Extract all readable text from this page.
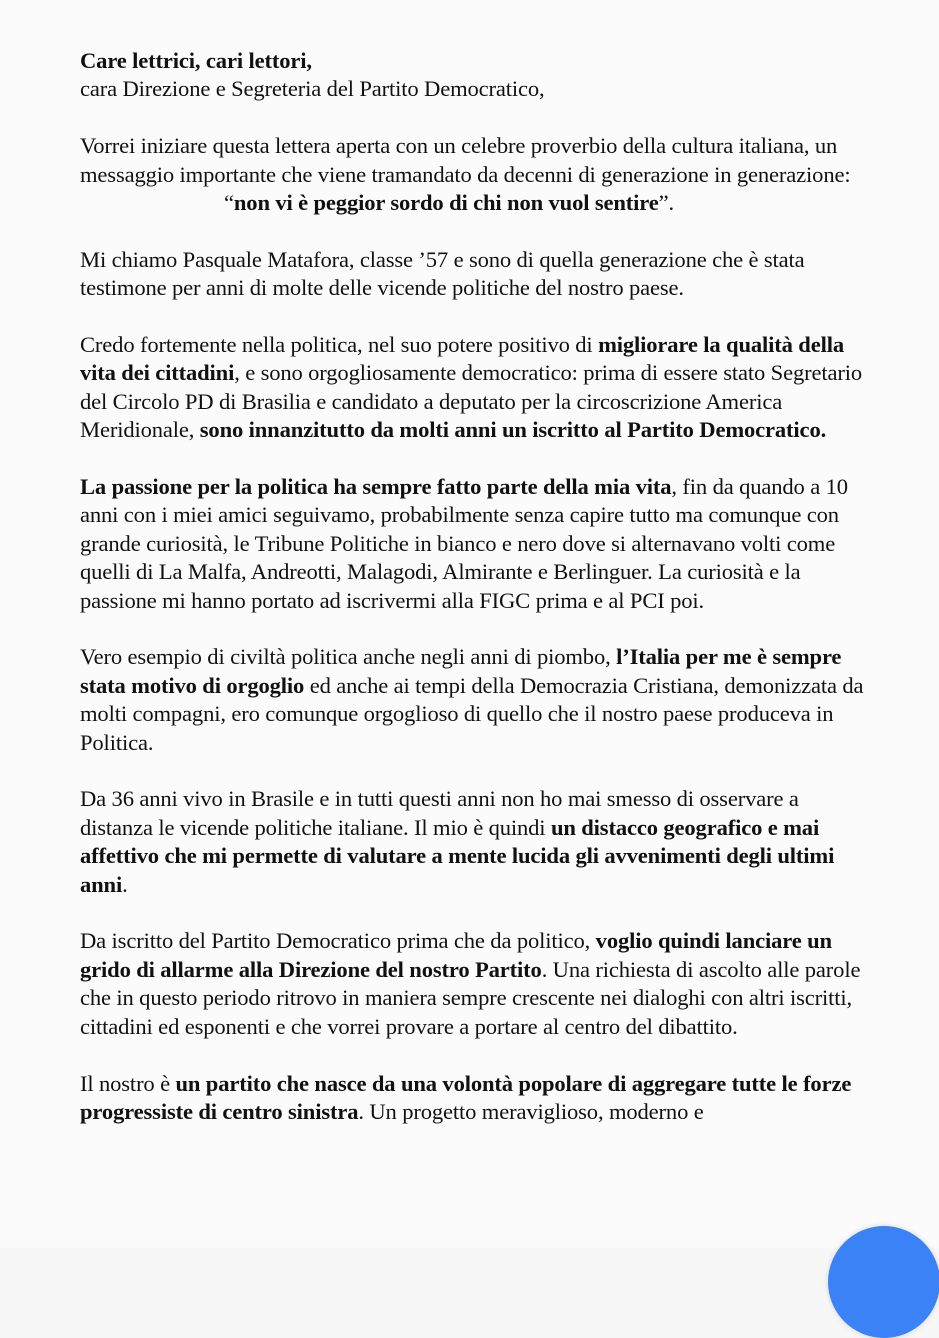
Care lettrici, cari lettori,
cara Direzione e Segreteria del Partito Democratico,

Vorrei iniziare questa lettera aperta con un celebre proverbio della cultura italiana, un messaggio importante che viene tramandato da decenni di generazione in generazione:
“non vi è peggior sordo di chi non vuol sentire”.

Mi chiamo Pasquale Matafora, classe ’57 e sono di quella generazione che è stata testimone per anni di molte delle vicende politiche del nostro paese.

Credo fortemente nella politica, nel suo potere positivo di migliorare la qualità della vita dei cittadini, e sono orgogliosamente democratico: prima di essere stato Segretario del Circolo PD di Brasilia e candidato a deputato per la circoscrizione America Meridionale, sono innanzitutto da molti anni un iscritto al Partito Democratico.

La passione per la politica ha sempre fatto parte della mia vita, fin da quando a 10 anni con i miei amici seguivamo, probabilmente senza capire tutto ma comunque con grande curiosità, le Tribune Politiche in bianco e nero dove si alternavano volti come quelli di La Malfa, Andreotti, Malagodi, Almirante e Berlinguer. La curiosità e la passione mi hanno portato ad iscrivermi alla FIGC prima e al PCI poi.

Vero esempio di civiltà politica anche negli anni di piombo, l’Italia per me è sempre stata motivo di orgoglio ed anche ai tempi della Democrazia Cristiana, demonizzata da molti compagni, ero comunque orgoglioso di quello che il nostro paese produceva in Politica.

Da 36 anni vivo in Brasile e in tutti questi anni non ho mai smesso di osservare a distanza le vicende politiche italiane. Il mio è quindi un distacco geografico e mai affettivo che mi permette di valutare a mente lucida gli avvenimenti degli ultimi anni.

Da iscritto del Partito Democratico prima che da politico, voglio quindi lanciare un grido di allarme alla Direzione del nostro Partito. Una richiesta di ascolto alle parole che in questo periodo ritrovo in maniera sempre crescente nei dialoghi con altri iscritti, cittadini ed esponenti e che vorrei provare a portare al centro del dibattito.

Il nostro è un partito che nasce da una volontà popolare di aggregare tutte le forze progressiste di centro sinistra. Un progetto meraviglioso, moderno e
